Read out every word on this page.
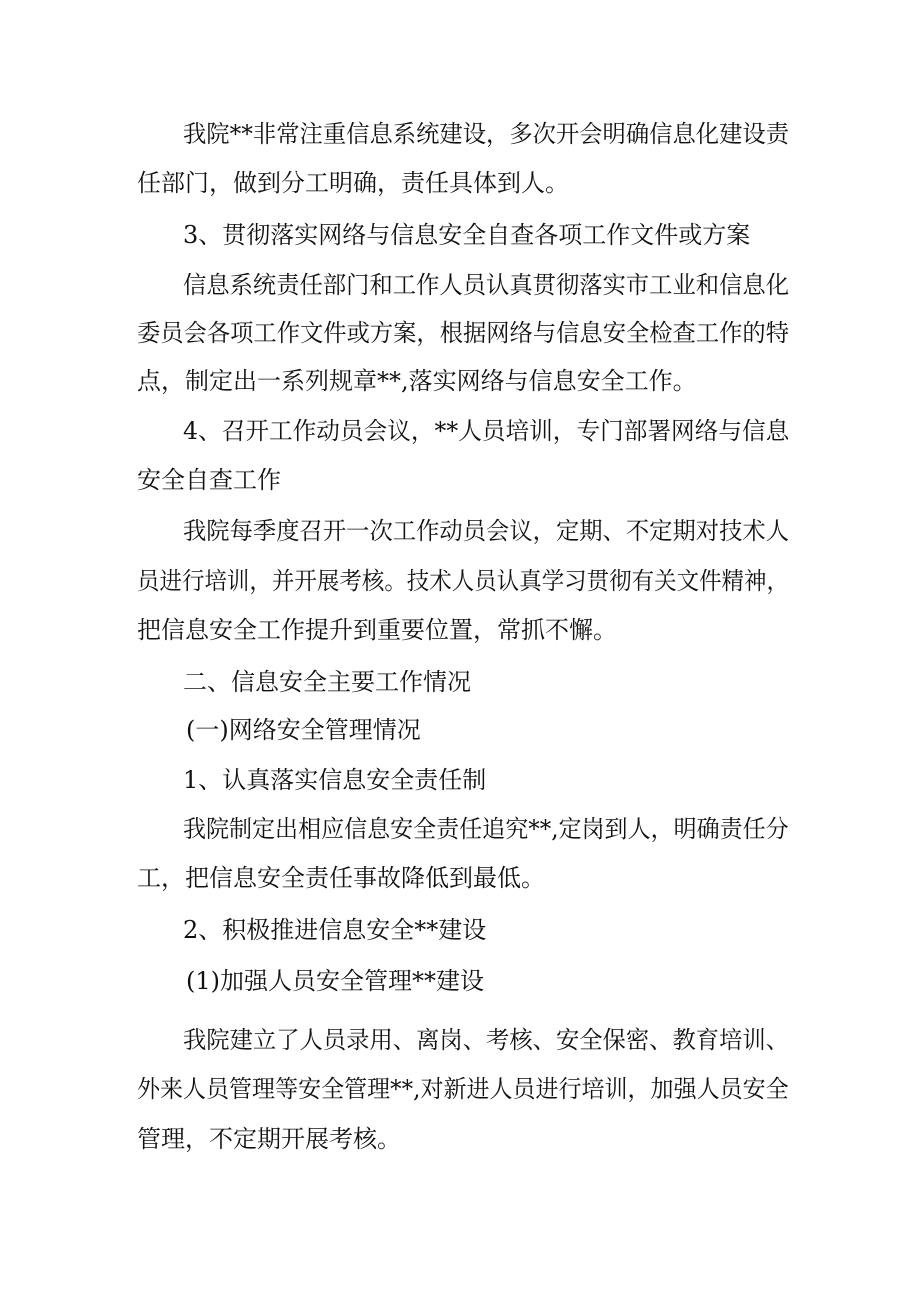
我院**非常注重信息系统建设，多次开会明确信息化建设责
任部门，做到分工明确，责任具体到人。
3、贯彻落实网络与信息安全自查各项工作文件或方案
信息系统责任部门和工作人员认真贯彻落实市工业和信息化
委员会各项工作文件或方案，根据网络与信息安全检查工作的特
点，制定出一系列规章**,落实网络与信息安全工作。
4、召开工作动员会议，**人员培训，专门部署网络与信息
安全自查工作
我院每季度召开一次工作动员会议，定期、不定期对技术人
员进行培训，并开展考核。技术人员认真学习贯彻有关文件精神，
把信息安全工作提升到重要位置，常抓不懈。
二、信息安全主要工作情况
(一)网络安全管理情况
1、认真落实信息安全责任制
我院制定出相应信息安全责任追究**,定岗到人，明确责任分
工，把信息安全责任事故降低到最低。
2、积极推进信息安全**建设
(1)加强人员安全管理**建设
我院建立了人员录用、离岗、考核、安全保密、教育培训、
外来人员管理等安全管理**,对新进人员进行培训，加强人员安全
管理，不定期开展考核。
